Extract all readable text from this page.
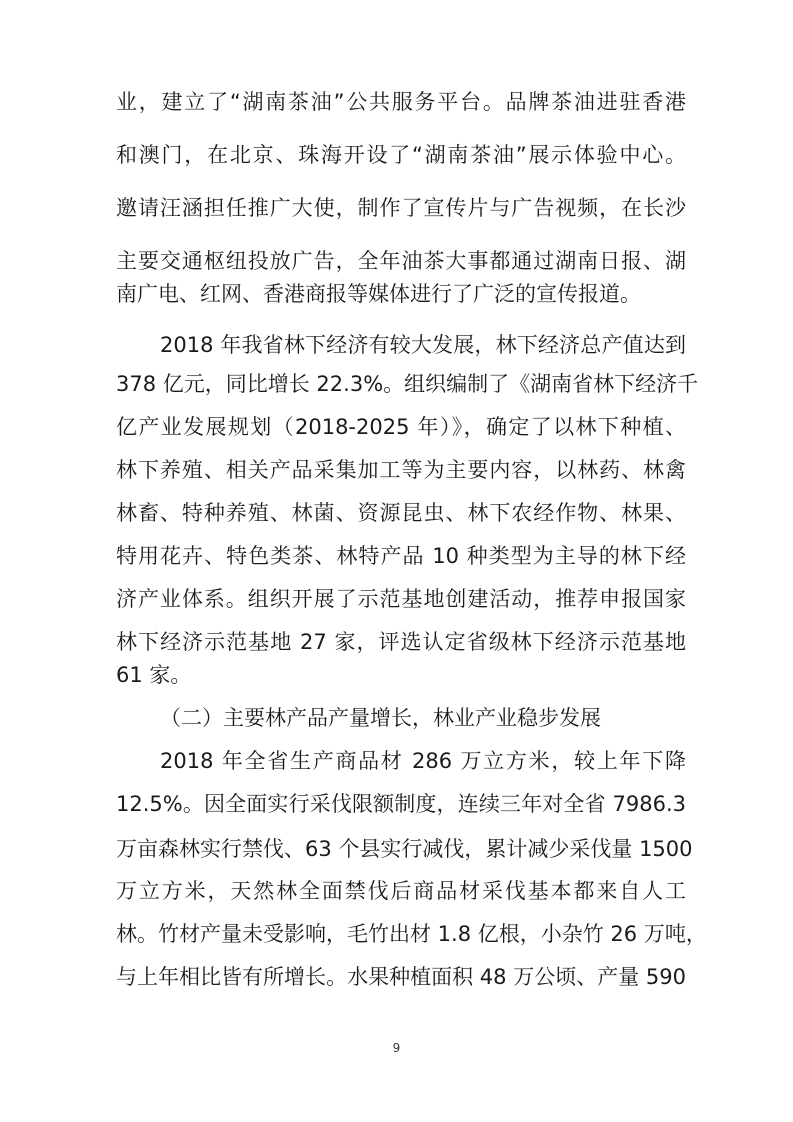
业，建立了“湖南茶油”公共服务平台。品牌茶油进驻香港
和澳门，在北京、珠海开设了“湖南茶油”展示体验中心。
邀请汪涵担任推广大使，制作了宣传片与广告视频，在长沙
主要交通枢纽投放广告，全年油茶大事都通过湖南日报、湖
南广电、红网、香港商报等媒体进行了广泛的宣传报道。
2018 年我省林下经济有较大发展，林下经济总产值达到
378 亿元，同比增长 22.3%。组织编制了《湖南省林下经济千
亿产业发展规划（2018-2025 年）》，确定了以林下种植、
林下养殖、相关产品采集加工等为主要内容，以林药、林禽
林畜、特种养殖、林菌、资源昆虫、林下农经作物、林果、
特用花卉、特色类茶、林特产品 10 种类型为主导的林下经
济产业体系。组织开展了示范基地创建活动，推荐申报国家
林下经济示范基地 27 家，评选认定省级林下经济示范基地
61 家。
（二）主要林产品产量增长，林业产业稳步发展
2018 年全省生产商品材 286 万立方米，较上年下降
12.5%。因全面实行采伐限额制度，连续三年对全省 7986.3
万亩森林实行禁伐、63 个县实行减伐，累计减少采伐量 1500
万立方米，天然林全面禁伐后商品材采伐基本都来自人工
林。竹材产量未受影响，毛竹出材 1.8 亿根，小杂竹 26 万吨，
与上年相比皆有所增长。水果种植面积 48 万公顷、产量 590
9
